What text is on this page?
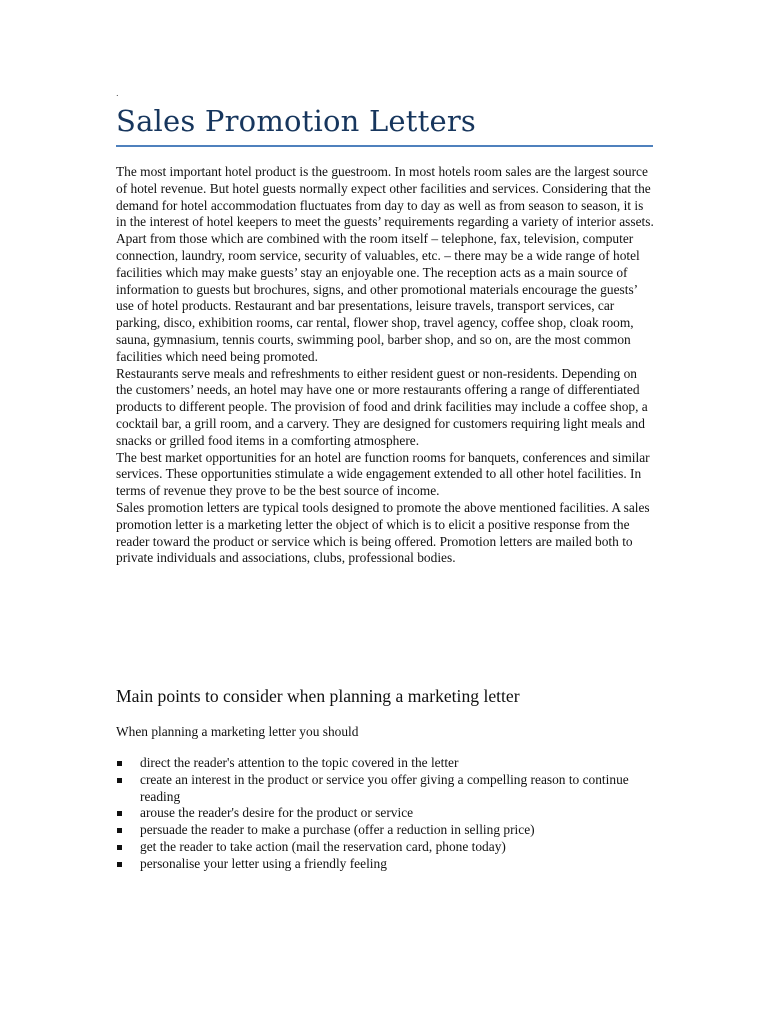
.
Sales Promotion Letters

The most important hotel product is the guestroom. In most hotels room sales are the largest source of hotel revenue. But hotel guests normally expect other facilities and services. Considering that the demand for hotel accommodation fluctuates from day to day as well as from season to season, it is in the interest of hotel keepers to meet the guests’ requirements regarding a variety of interior assets. Apart from those which are combined with the room itself – telephone, fax, television, computer connection, laundry, room service, security of valuables, etc. – there may be a wide range of hotel facilities which may make guests’ stay an enjoyable one. The reception acts as a main source of information to guests but brochures, signs, and other promotional materials encourage the guests’ use of hotel products. Restaurant and bar presentations, leisure travels, transport services, car parking, disco, exhibition rooms, car rental, flower shop, travel agency, coffee shop, cloak room, sauna, gymnasium, tennis courts, swimming pool, barber shop, and so on, are the most common facilities which need being promoted.

Restaurants serve meals and refreshments to either resident guest or non-residents. Depending on the customers’ needs, an hotel may have one or more restaurants offering a range of differentiated products to different people. The provision of food and drink facilities may include a coffee shop, a cocktail bar, a grill room, and a carvery. They are designed for customers requiring light meals and snacks or grilled food items in a comforting atmosphere.

The best market opportunities for an hotel are function rooms for banquets, conferences and similar services. These opportunities stimulate a wide engagement extended to all other hotel facilities. In terms of revenue they prove to be the best source of income.

Sales promotion letters are typical tools designed to promote the above mentioned facilities. A sales promotion letter is a marketing letter the object of which is to elicit a positive response from the reader toward the product or service which is being offered. Promotion letters are mailed both to private individuals and associations, clubs, professional bodies.

Main points to consider when planning a marketing letter
When planning a marketing letter you should
direct the reader's attention to the topic covered in the letter
create an interest in the product or service you offer giving a compelling reason to continue reading
arouse the reader's desire for the product or service
persuade the reader to make a purchase (offer a reduction in selling price)
get the reader to take action (mail the reservation card, phone today)
personalise your letter using a friendly feeling
